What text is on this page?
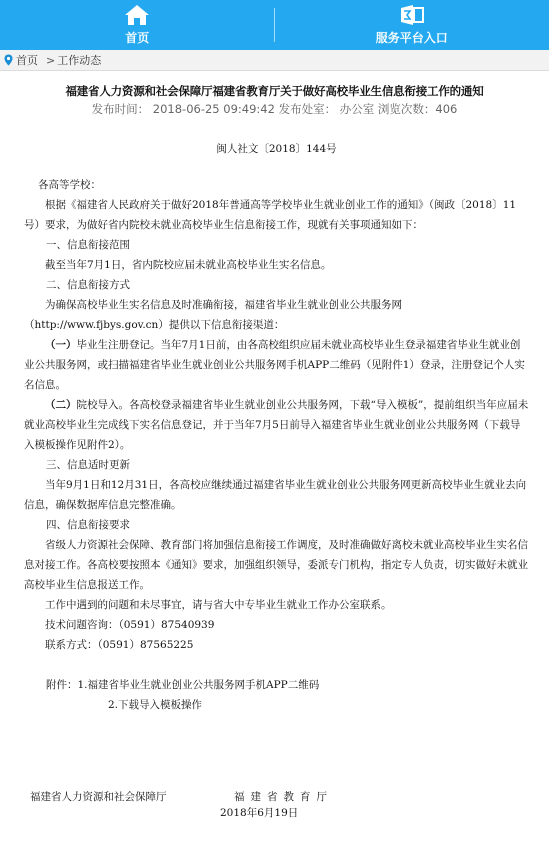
首页	服务平台入口
首页 > 工作动态
福建省人力资源和社会保障厅福建省教育厅关于做好高校毕业生信息衔接工作的通知
发布时间： 2018-06-25 09:49:42 发布处室： 办公室 浏览次数：406
闽人社文〔2018〕144号
各高等学校：

根据《福建省人民政府关于做好2018年普通高等学校毕业生就业创业工作的通知》（闽政〔2018〕11号）要求，为做好省内院校未就业高校毕业生信息衔接工作，现就有关事项通知如下：

一、信息衔接范围

截至当年7月1日，省内院校应届未就业高校毕业生实名信息。

二、信息衔接方式

为确保高校毕业生实名信息及时准确衔接，福建省毕业生就业创业公共服务网（http://www.fjbys.gov.cn）提供以下信息衔接渠道：

（一）毕业生注册登记。当年7月1日前，由各高校组织应届未就业高校毕业生登录福建省毕业生就业创业公共服务网，或扫描福建省毕业生就业创业公共服务网手机APP二维码（见附件1）登录，注册登记个人实名信息。

（二）院校导入。各高校登录福建省毕业生就业创业公共服务网，下载“导入模板”，提前组织当年应届未就业高校毕业生完成线下实名信息登记，并于当年7月5日前导入福建省毕业生就业创业公共服务网（下载导入模板操作见附件2）。

三、信息适时更新

当年9月1日和12月31日，各高校应继续通过福建省毕业生就业创业公共服务网更新高校毕业生就业去向信息，确保数据库信息完整准确。

四、信息衔接要求

省级人力资源社会保障、教育部门将加强信息衔接工作调度，及时准确做好离校未就业高校毕业生实名信息对接工作。各高校要按照本《通知》要求，加强组织领导，委派专门机构，指定专人负责，切实做好未就业高校毕业生信息报送工作。

工作中遇到的问题和未尽事宜，请与省大中专毕业生就业工作办公室联系。

技术问题咨询：（0591）87540939

联系方式：（0591）87565225

附件：1.福建省毕业生就业创业公共服务网手机APP二维码
2.下载导入模板操作
福建省人力资源和社会保障厅	福建省教育厅
2018年6月19日
